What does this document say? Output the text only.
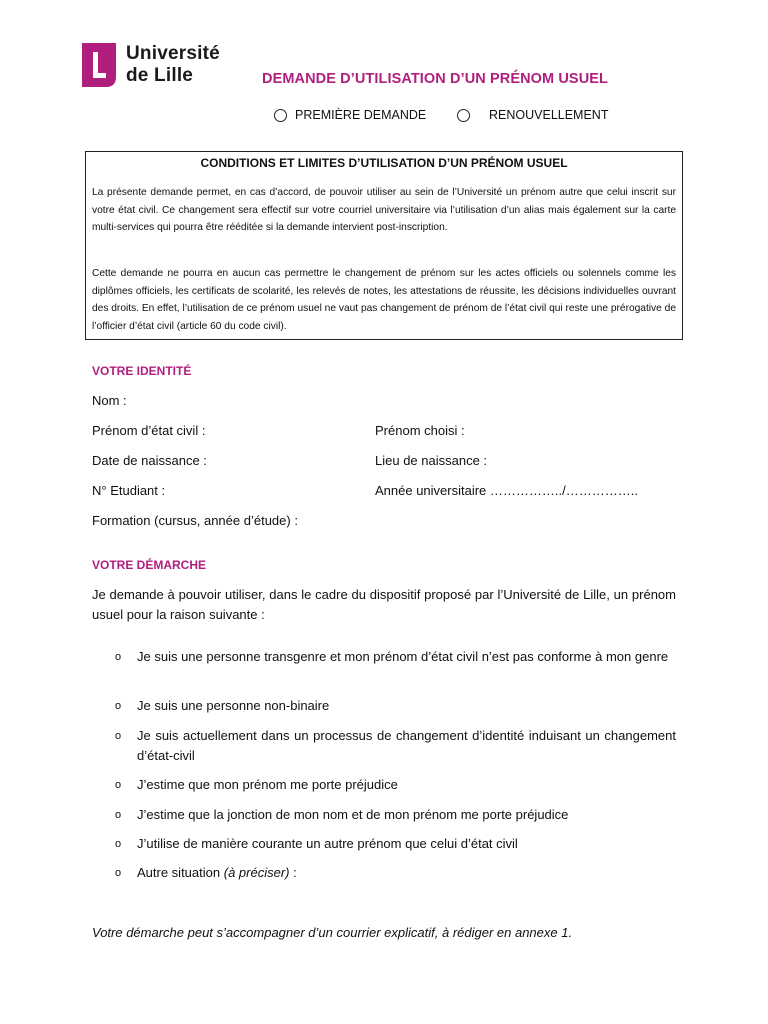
Université
de Lille	DEMANDE D’UTILISATION D’UN PRÉNOM USUEL
PREMIÈRE DEMANDE	RENOUVELLEMENT
CONDITIONS ET LIMITES D’UTILISATION D’UN PRÉNOM USUEL
La présente demande permet, en cas d’accord, de pouvoir utiliser au sein de l’Université un prénom autre que celui inscrit sur votre état civil. Ce changement sera effectif sur votre courriel universitaire via l’utilisation d’un alias mais également sur la carte multi-services qui pourra être rééditée si la demande intervient post-inscription.
Cette demande ne pourra en aucun cas permettre le changement de prénom sur les actes officiels ou solennels comme les diplômes officiels, les certificats de scolarité, les relevés de notes, les attestations de réussite, les décisions individuelles ouvrant des droits. En effet, l’utilisation de ce prénom usuel ne vaut pas changement de prénom de l’état civil qui reste une prérogative de l’officier d’état civil (article 60 du code civil).
VOTRE IDENTITÉ
Nom :
Prénom d’état civil :	Prénom choisi :
Date de naissance :	Lieu de naissance :
N° Etudiant :	Année universitaire ……………../……………..
Formation (cursus, année d’étude) :
VOTRE DÉMARCHE
Je demande à pouvoir utiliser, dans le cadre du dispositif proposé par l’Université de Lille, un prénom usuel pour la raison suivante :
o Je suis une personne transgenre et mon prénom d’état civil n’est pas conforme à mon genre
o Je suis une personne non-binaire
o Je suis actuellement dans un processus de changement d’identité induisant un changement d’état-civil
o J’estime que mon prénom me porte préjudice
o J’estime que la jonction de mon nom et de mon prénom me porte préjudice
o J’utilise de manière courante un autre prénom que celui d’état civil
o Autre situation (à préciser) :
Votre démarche peut s’accompagner d’un courrier explicatif, à rédiger en annexe 1.
